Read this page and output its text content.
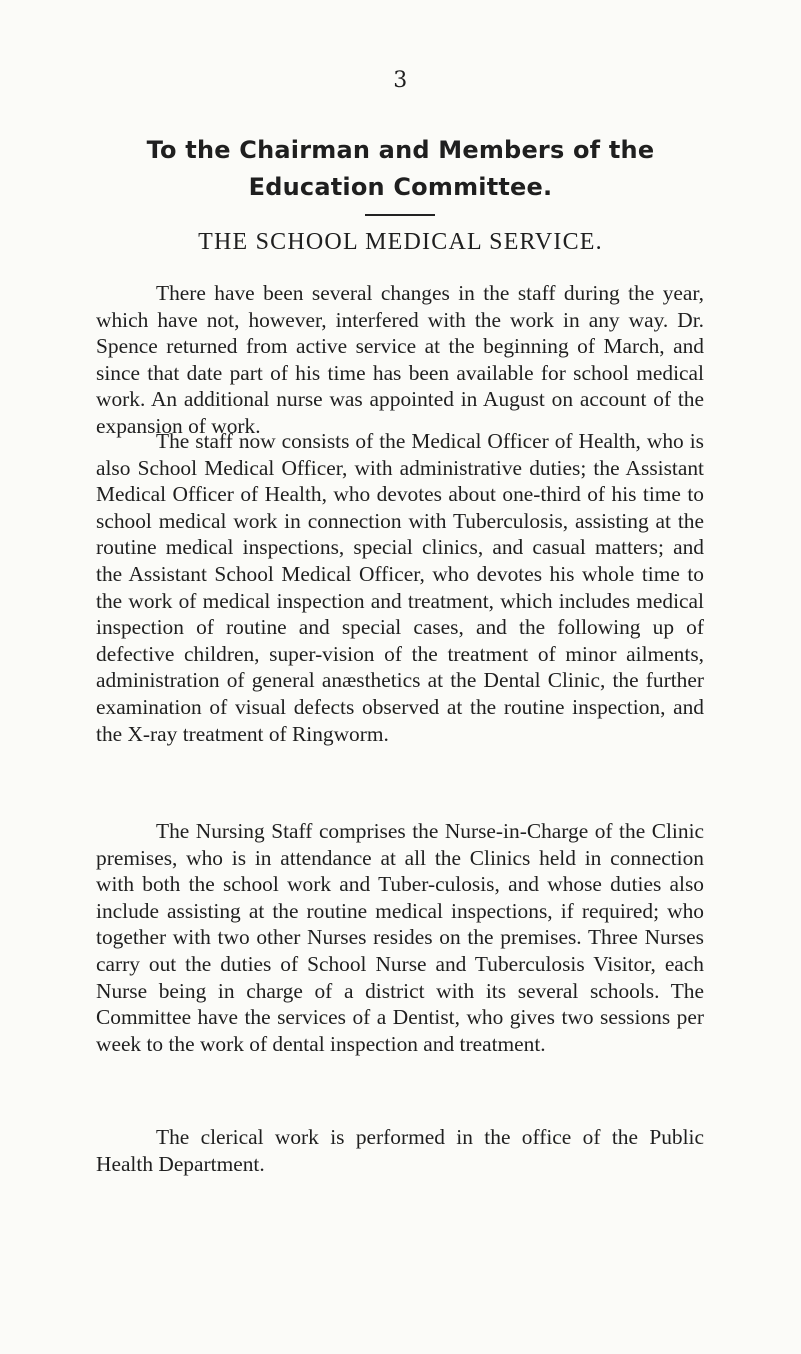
3
To the Chairman and Members of the
Education Committee.
THE SCHOOL MEDICAL SERVICE.

There have been several changes in the staff during the year, which have not, however, interfered with the work in any way. Dr. Spence returned from active service at the beginning of March, and since that date part of his time has been available for school medical work. An additional nurse was appointed in August on account of the expansion of work.

The staff now consists of the Medical Officer of Health, who is also School Medical Officer, with administrative duties; the Assistant Medical Officer of Health, who devotes about one-third of his time to school medical work in connection with Tuberculosis, assisting at the routine medical inspections, special clinics, and casual matters; and the Assistant School Medical Officer, who devotes his whole time to the work of medical inspection and treatment, which includes medical inspection of routine and special cases, and the following up of defective children, super-vision of the treatment of minor ailments, administration of general anæsthetics at the Dental Clinic, the further examination of visual defects observed at the routine inspection, and the X-ray treatment of Ringworm.

The Nursing Staff comprises the Nurse-in-Charge of the Clinic premises, who is in attendance at all the Clinics held in connection with both the school work and Tuber-culosis, and whose duties also include assisting at the routine medical inspections, if required; who together with two other Nurses resides on the premises. Three Nurses carry out the duties of School Nurse and Tuberculosis Visitor, each Nurse being in charge of a district with its several schools. The Committee have the services of a Dentist, who gives two sessions per week to the work of dental inspection and treatment.

The clerical work is performed in the office of the Public Health Department.
